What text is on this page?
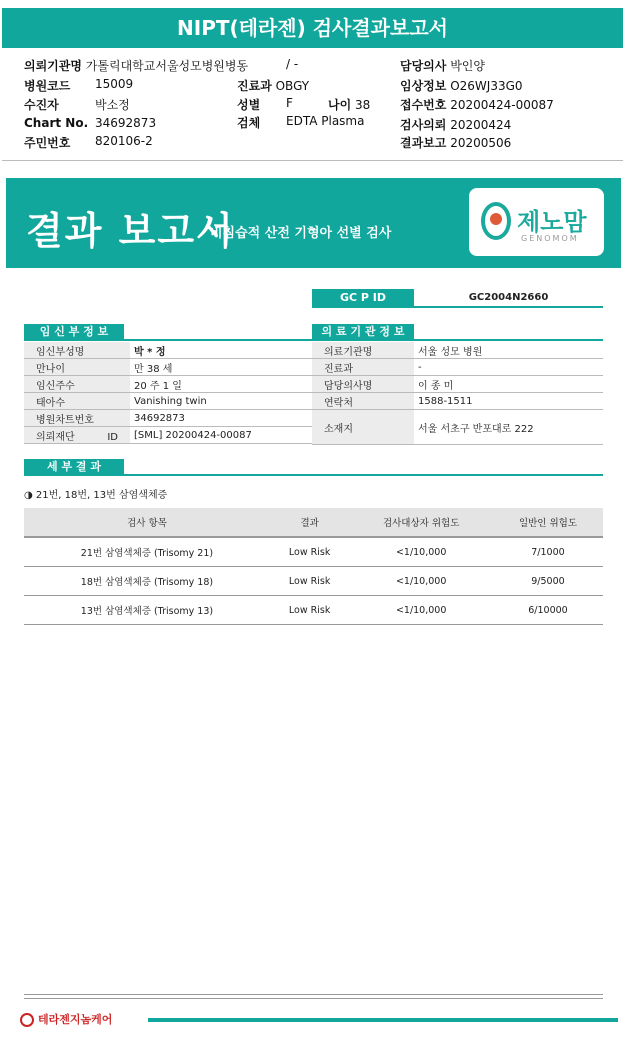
NIPT(테라젠) 검사결과보고서
의뢰기관명 가톨릭대학교서울성모병원병동	/ -	담당의사 박인양
병원코드 15009	진료과 OBGY	임상정보 O26WJ33G0
수진자	박소정	성별 F	나이 38 접수번호 20200424-00087
Chart No. 34692873	검체 EDTA Plasma	검사의뢰 20200424
주민번호 820106-2	결과보고 20200506
결과 보고서
비침습적 산전 기형아 선별 검사	제노맘
GENOMOM
GC P ID	GC2004N2660
임 신 부 정 보
임신부성명	박 * 정
만나이	만 38 세
임신주수	20 주 1 일
태아수	Vanishing twin
병원차트번호	34692873
의뢰재단 ID	[SML] 20200424-00087
의 료 기 관 정 보
의료기관명	서울 성모 병원
진료과	-
담당의사명	이 종 미
연락처	1588-1511
소재지	서울 서초구 반포대로 222
세 부 결 과
◑ 21번, 18번, 13번 삼염색체증
검사 항목	결과	검사대상자 위험도	일반인 위험도
21번 삼염색체증 (Trisomy 21)	Low Risk	<1/10,000	7/1000
18번 삼염색체증 (Trisomy 18)	Low Risk	<1/10,000	9/5000
13번 삼염색체증 (Trisomy 13)	Low Risk	<1/10,000	6/10000
테라젠지놈케어
